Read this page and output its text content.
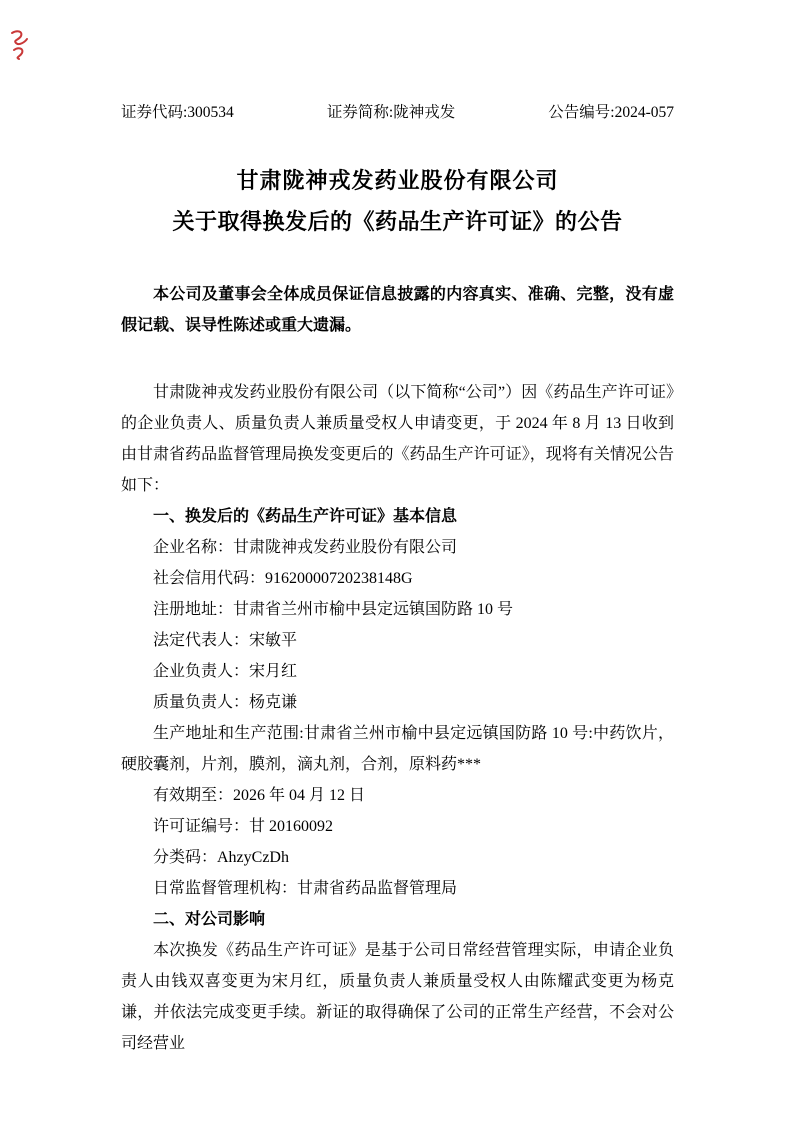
证券代码:300534	证券简称:陇神戎发	公告编号:2024-057
甘肃陇神戎发药业股份有限公司
关于取得换发后的《药品生产许可证》的公告

本公司及董事会全体成员保证信息披露的内容真实、准确、完整，没有虚假记载、误导性陈述或重大遗漏。

甘肃陇神戎发药业股份有限公司（以下简称“公司”）因《药品生产许可证》的企业负责人、质量负责人兼质量受权人申请变更，于 2024 年 8 月 13 日收到由甘肃省药品监督管理局换发变更后的《药品生产许可证》，现将有关情况公告如下：

一、换发后的《药品生产许可证》基本信息

企业名称：甘肃陇神戎发药业股份有限公司

社会信用代码：91620000720238148G

注册地址：甘肃省兰州市榆中县定远镇国防路 10 号

法定代表人：宋敏平

企业负责人：宋月红

质量负责人：杨克谦

生产地址和生产范围:甘肃省兰州市榆中县定远镇国防路 10 号:中药饮片，硬胶囊剂，片剂，膜剂，滴丸剂，合剂，原料药***

有效期至：2026 年 04 月 12 日

许可证编号：甘 20160092

分类码：AhzyCzDh

日常监督管理机构：甘肃省药品监督管理局

二、对公司影响

本次换发《药品生产许可证》是基于公司日常经营管理实际，申请企业负责人由钱双喜变更为宋月红，质量负责人兼质量受权人由陈耀武变更为杨克谦，并依法完成变更手续。新证的取得确保了公司的正常生产经营，不会对公司经营业
